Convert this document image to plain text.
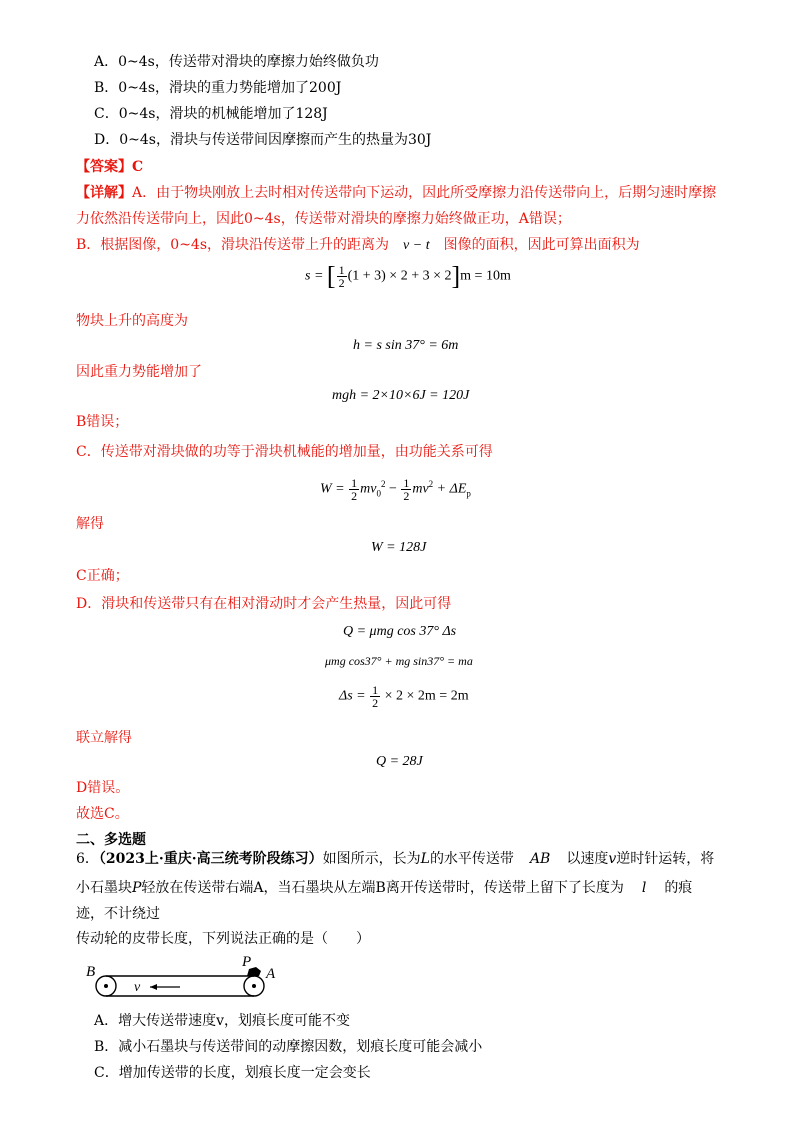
A．0~4s，传送带对滑块的摩擦力始终做负功
B．0~4s，滑块的重力势能增加了200J
C．0~4s，滑块的机械能增加了128J
D．0~4s，滑块与传送带间因摩擦而产生的热量为30J
【答案】C
【详解】A．由于物块刚放上去时相对传送带向下运动，因此所受摩擦力沿传送带向上，后期匀速时摩擦
力依然沿传送带向上，因此0~4s，传送带对滑块的摩擦力始终做正功，A错误；
B．根据图像，0~4s，滑块沿传送带上升的距离为 v − t 图像的面积，因此可算出面积为
s = [ $\frac{1}{2} (1 + 3) \times 2 + 3 \times 2]m = 10m$
物块上升的高度为
h = s sin 37° = 6m
因此重力势能增加了
mgh = 2×10×6J = 120J
B错误；
C．传送带对滑块做的功等于滑块机械能的增加量，由功能关系可得
$W = \frac{1}{2} mv_0^2 - \frac{1}{2} mv^2 + \Delta E_p$
解得
W = 128J
C正确；
D．滑块和传送带只有在相对滑动时才会产生热量，因此可得
Q = μmg cos 37° Δs
μmg cos37° + mg sin37° = ma
$\Delta s = \frac{1}{2} \times 2 \times 2m = 2m$
联立解得
Q = 28J
D错误。
故选C。
二、多选题
6．（2023上·重庆·高三统考阶段练习）如图所示，长为L的水平传送带 AB 以速度v逆时针运转，将
小石墨块P轻放在传送带右端A，当石墨块从左端B离开传送带时，传送带上留下了长度为 l 的痕
迹，不计绕过
传动轮的皮带长度，下列说法正确的是（　　）
B
P
A
v
A．增大传送带速度v，划痕长度可能不变
B．减小石墨块与传送带间的动摩擦因数，划痕长度可能会减小
C．增加传送带的长度，划痕长度一定会变长
